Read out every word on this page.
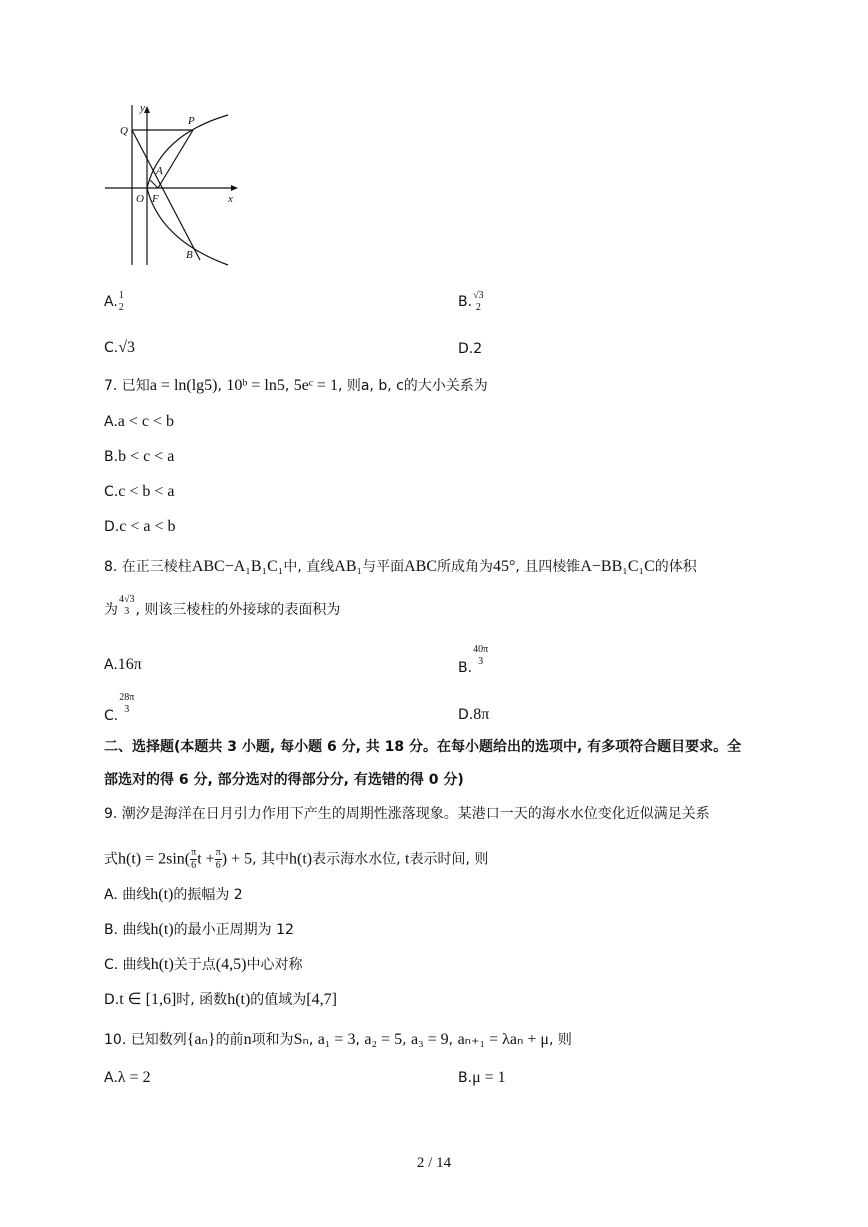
y
x
Q
P
A
O F
B
A. 1
2	B. √3
2
C.√3	D.2
7. 已知a = ln(lg5), 10ᵇ = ln5, 5eᶜ = 1, 则a, b, c的大小关系为
A.a < c < b
B.b < c < a
C.c < b < a
D.c < a < b
8. 在正三棱柱ABC−A₁B₁C₁中, 直线AB₁与平面ABC所成角为45°, 且四棱锥A−BB₁C₁C的体积
为
4√3
3 , 则该三棱柱的外接球的表面积为
A.16π	B.
40π
3
C.
28π
3	D.8π
二、选择题(本题共 3 小题, 每小题 6 分, 共 18 分。在每小题给出的选项中, 有多项符合题目要求。全
部选对的得 6 分, 部分选对的得部分分, 有选错的得 0 分)
9. 潮汐是海洋在日月引力作用下产生的周期性涨落现象。某港口一天的海水水位变化近似满足关系
式$h(t) = 2\sin( \frac{\pi}{6}$ $t + \frac{\pi}{6}$ ) + 5, 其中h(t)表示海水水位, t表示时间, 则
A. 曲线h(t)的振幅为 2
B. 曲线h(t)的最小正周期为 12
C. 曲线h(t)关于点(4,5)中心对称
D.t ∈ [1,6]时, 函数h(t)的值域为[4,7]
10. 已知数列{aₙ}的前n项和为Sₙ, a₁ = 3, a₂ = 5, a₃ = 9, aₙ₊₁ = λaₙ + μ, 则
A.λ = 2	B.μ = 1
2 / 14
